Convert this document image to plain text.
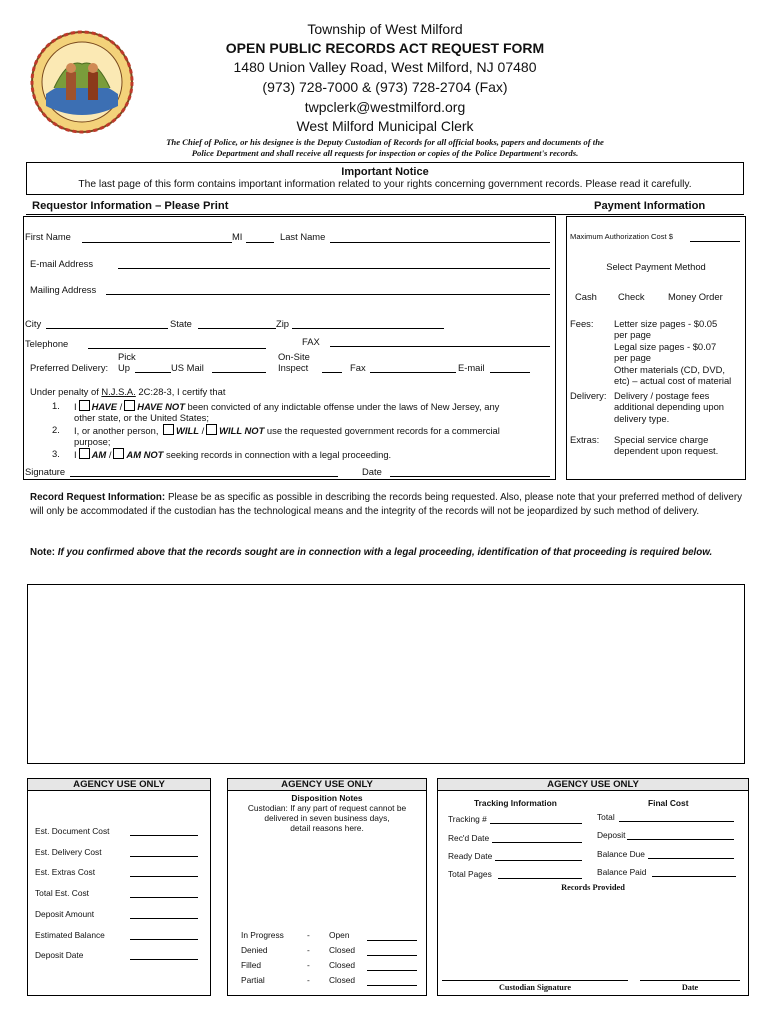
Township of West Milford
OPEN PUBLIC RECORDS ACT REQUEST FORM
1480 Union Valley Road, West Milford, NJ 07480
(973) 728-7000 & (973) 728-2704 (Fax)
twpclerk@westmilford.org
West Milford Municipal Clerk
The Chief of Police, or his designee is the Deputy Custodian of Records for all official books, papers and documents of the
Police Department and shall receive all requests for inspection or copies of the Police Department's records.
Important Notice
The last page of this form contains important information related to your rights concerning government records. Please read it carefully.
Requestor Information – Please Print	Payment Information
First Name	MI	Last Name
E-mail Address
Mailing Address
City	State	Zip
Telephone	FAX
Pick	On-Site
Preferred Delivery: Up	US Mail	Inspect	Fax	E-mail
Under penalty of N.J.S.A. 2C:28-3, I certify that
1. I HAVE / HAVE NOT been convicted of any indictable offense under the laws of New Jersey, any
other state, or the United States;
2. I, or another person, WILL / WILL NOT use the requested government records for a commercial
purpose;
3. I AM / AM NOT seeking records in connection with a legal proceeding.
Signature	Date
Maximum Authorization Cost $
Select Payment Method
Cash Check Money Order
Fees: Letter size pages - $0.05
per page
Legal size pages - $0.07
per page
Other materials (CD, DVD,
etc) – actual cost of material
Delivery: Delivery / postage fees
additional depending upon
delivery type.
Extras: Special service charge
dependent upon request.
Record Request Information: Please be as specific as possible in describing the records being requested. Also, please note that your preferred method of delivery will only be accommodated if the custodian has the technological means and the integrity of the records will not be jeopardized by such method of delivery.
Note: If you confirmed above that the records sought are in connection with a legal proceeding, identification of that proceeding is required below.
AGENCY USE ONLY
Est. Document Cost
Est. Delivery Cost
Est. Extras Cost
Total Est. Cost
Deposit Amount
Estimated Balance
Deposit Date
AGENCY USE ONLY
Disposition Notes
Custodian: If any part of request cannot be
delivered in seven business days,
detail reasons here.
In Progress	- Open
Denied	- Closed
Filled	- Closed
Partial	- Closed
AGENCY USE ONLY
Tracking Information	Final Cost
Tracking #
Rec'd Date
Ready Date
Total Pages
Total
Deposit
Balance Due
Balance Paid
Records Provided
Custodian Signature	Date
